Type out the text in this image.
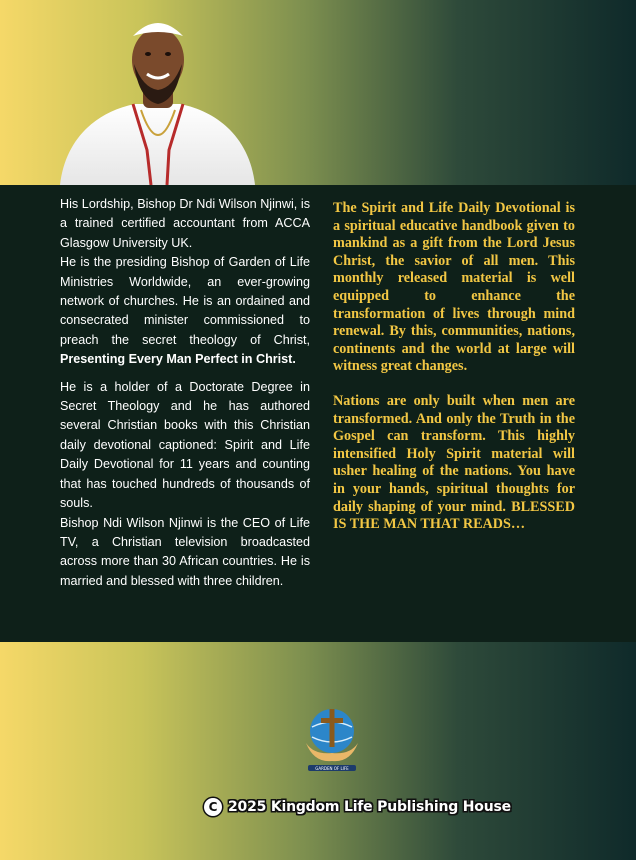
His Lordship, Bishop Dr Ndi Wilson Njinwi, is a trained certified accountant from ACCA Glasgow University UK.

He is the presiding Bishop of Garden of Life Ministries Worldwide, an ever-growing network of churches. He is an ordained and consecrated minister commissioned to preach the secret theology of Christ, Presenting Every Man Perfect in Christ.

He is a holder of a Doctorate Degree in Secret Theology and he has authored several Christian books with this Christian daily devotional captioned: Spirit and Life Daily Devotional for 11 years and counting that has touched hundreds of thousands of souls.

Bishop Ndi Wilson Njinwi is the CEO of Life TV, a Christian television broadcasted across more than 30 African countries. He is married and blessed with three children.

The Spirit and Life Daily Devotional is a spiritual educative handbook given to mankind as a gift from the Lord Jesus Christ, the savior of all men. This monthly released material is well equipped to enhance the transformation of lives through mind renewal. By this, communities, nations, continents and the world at large will witness great changes.

Nations are only built when men are transformed. And only the Truth in the Gospel can transform. This highly intensified Holy Spirit material will usher healing of the nations. You have in your hands, spiritual thoughts for daily shaping of your mind. BLESSED IS THE MAN THAT READS…

GARDEN OF LIFE
C 2025 Kingdom Life Publishing House
